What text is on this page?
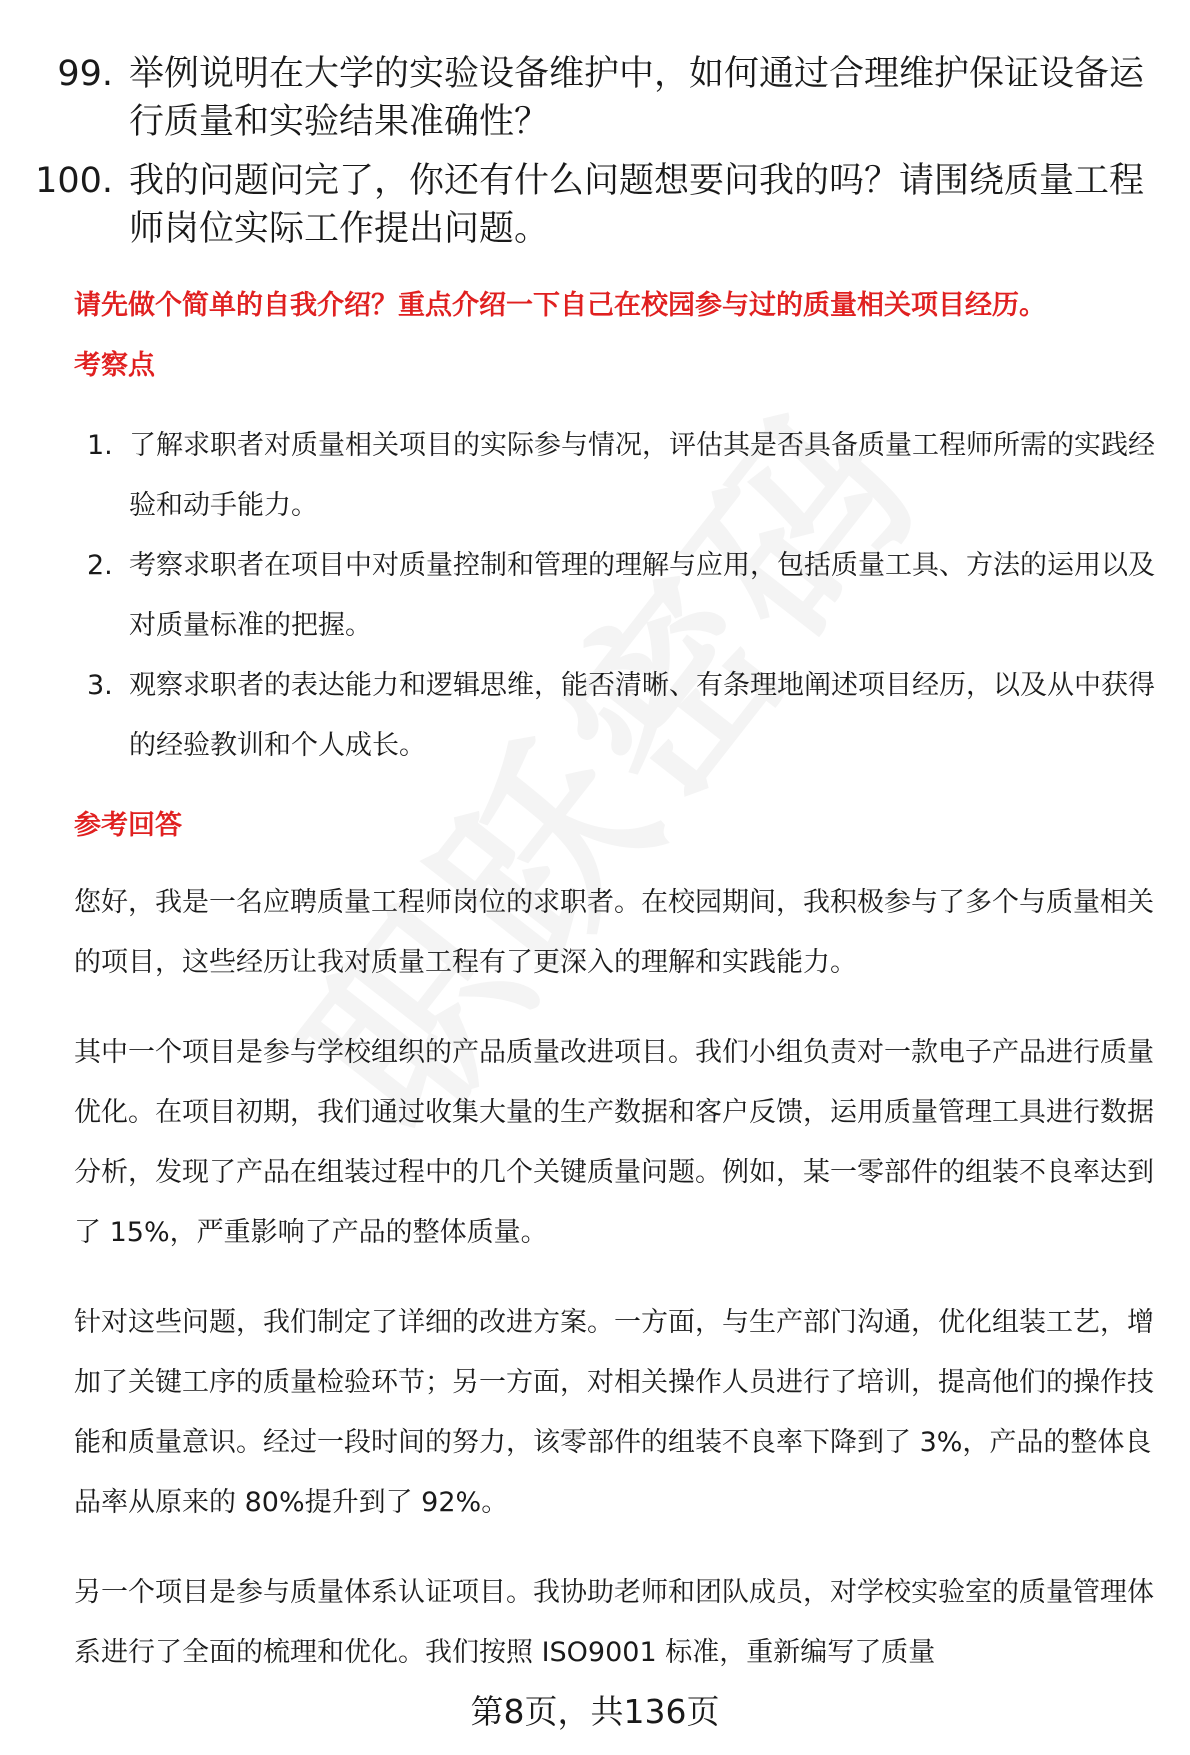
99. 举例说明在大学的实验设备维护中，如何通过合理维护保证设备运行质量和实验结果准确性？
100. 我的问题问完了，你还有什么问题想要问我的吗？请围绕质量工程师岗位实际工作提出问题。
请先做个简单的自我介绍？重点介绍一下自己在校园参与过的质量相关项目经历。
考察点
1. 了解求职者对质量相关项目的实际参与情况，评估其是否具备质量工程师所需的实践经验和动手能力。
2. 考察求职者在项目中对质量控制和管理的理解与应用，包括质量工具、方法的运用以及对质量标准的把握。
3. 观察求职者的表达能力和逻辑思维，能否清晰、有条理地阐述项目经历，以及从中获得的经验教训和个人成长。
参考回答
您好，我是一名应聘质量工程师岗位的求职者。在校园期间，我积极参与了多个与质量相关的项目，这些经历让我对质量工程有了更深入的理解和实践能力。
其中一个项目是参与学校组织的产品质量改进项目。我们小组负责对一款电子产品进行质量优化。在项目初期，我们通过收集大量的生产数据和客户反馈，运用质量管理工具进行数据分析，发现了产品在组装过程中的几个关键质量问题。例如，某一零部件的组装不良率达到了 15%，严重影响了产品的整体质量。
针对这些问题，我们制定了详细的改进方案。一方面，与生产部门沟通，优化组装工艺，增加了关键工序的质量检验环节；另一方面，对相关操作人员进行了培训，提高他们的操作技能和质量意识。经过一段时间的努力，该零部件的组装不良率下降到了 3%，产品的整体良品率从原来的 80%提升到了 92%。
另一个项目是参与质量体系认证项目。我协助老师和团队成员，对学校实验室的质量管理体系进行了全面的梳理和优化。我们按照 ISO9001 标准，重新编写了质量
第8页，共136页
